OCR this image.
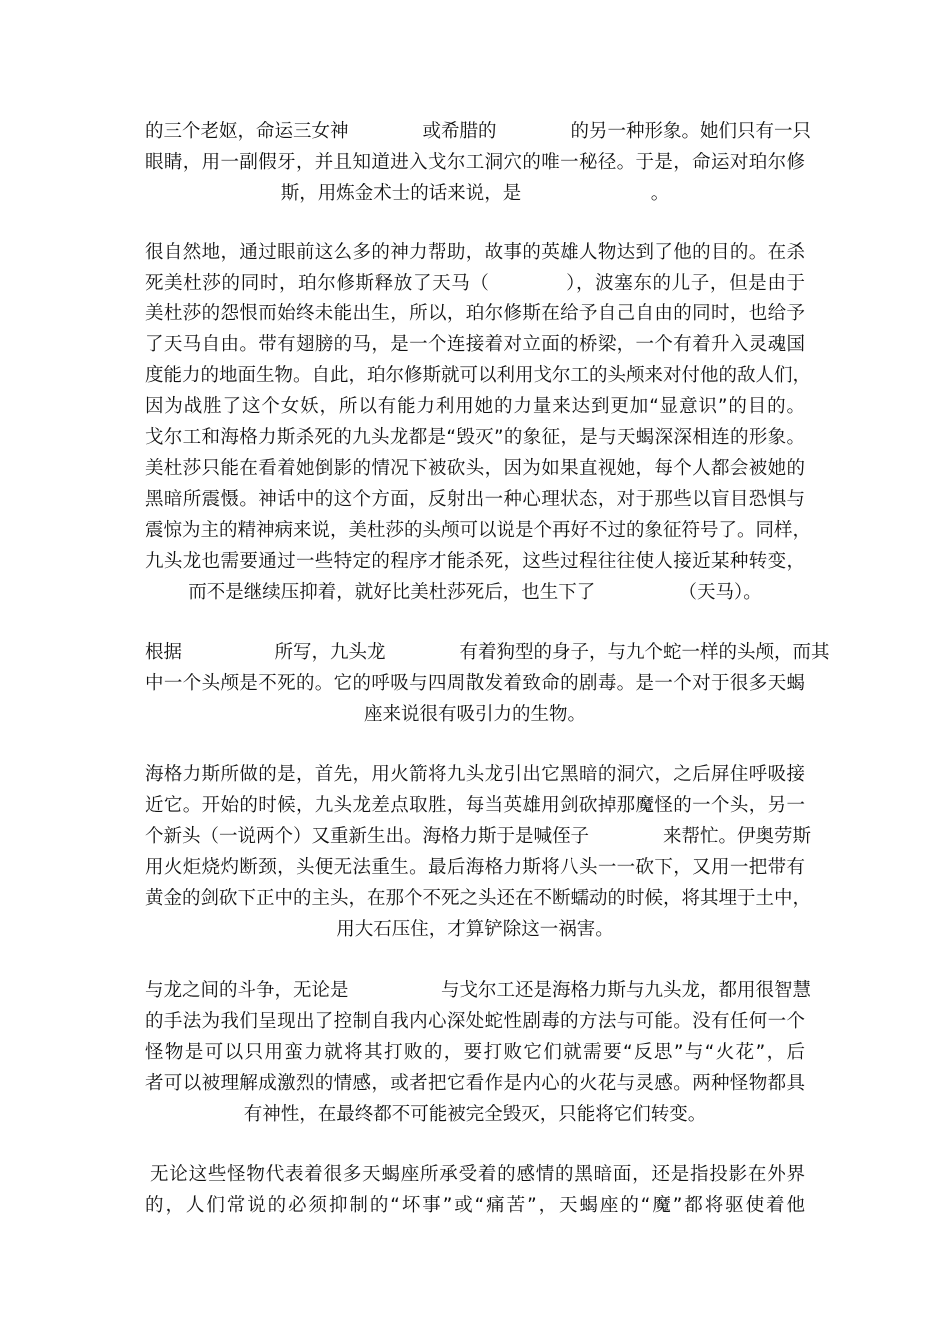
的三个老妪，命运三女神　　　　或希腊的　　　　的另一种形象。她们只有一只
眼睛，用一副假牙，并且知道进入戈尔工洞穴的唯一秘径。于是，命运对珀尔修
斯，用炼金术士的话来说，是　　　　　　　。
很自然地，通过眼前这么多的神力帮助，故事的英雄人物达到了他的目的。在杀
死美杜莎的同时，珀尔修斯释放了天马（　　　　），波塞东的儿子，但是由于
美杜莎的怨恨而始终未能出生，所以，珀尔修斯在给予自己自由的同时，也给予
了天马自由。带有翅膀的马，是一个连接着对立面的桥梁，一个有着升入灵魂国
度能力的地面生物。自此，珀尔修斯就可以利用戈尔工的头颅来对付他的敌人们，
因为战胜了这个女妖，所以有能力利用她的力量来达到更加“显意识”的目的。
戈尔工和海格力斯杀死的九头龙都是“毁灭”的象征，是与天蝎深深相连的形象。
美杜莎只能在看着她倒影的情况下被砍头，因为如果直视她，每个人都会被她的
黑暗所震慑。神话中的这个方面，反射出一种心理状态，对于那些以盲目恐惧与
震惊为主的精神病来说，美杜莎的头颅可以说是个再好不过的象征符号了。同样，
九头龙也需要通过一些特定的程序才能杀死，这些过程往往使人接近某种转变，
而不是继续压抑着，就好比美杜莎死后，也生下了　　　　　（天马）。
根据　　　　　所写，九头龙　　　　有着狗型的身子，与九个蛇一样的头颅，而其
中一个头颅是不死的。它的呼吸与四周散发着致命的剧毒。是一个对于很多天蝎
座来说很有吸引力的生物。
海格力斯所做的是，首先，用火箭将九头龙引出它黑暗的洞穴，之后屏住呼吸接
近它。开始的时候，九头龙差点取胜，每当英雄用剑砍掉那魔怪的一个头，另一
个新头（一说两个）又重新生出。海格力斯于是喊侄子　　　　来帮忙。伊奥劳斯
用火炬烧灼断颈，头便无法重生。最后海格力斯将八头一一砍下，又用一把带有
黄金的剑砍下正中的主头，在那个不死之头还在不断蠕动的时候，将其埋于土中，
用大石压住，才算铲除这一祸害。
与龙之间的斗争，无论是　　　　　与戈尔工还是海格力斯与九头龙，都用很智慧
的手法为我们呈现出了控制自我内心深处蛇性剧毒的方法与可能。没有任何一个
怪物是可以只用蛮力就将其打败的，要打败它们就需要“反思”与“火花”，后
者可以被理解成激烈的情感，或者把它看作是内心的火花与灵感。两种怪物都具
有神性，在最终都不可能被完全毁灭，只能将它们转变。
无论这些怪物代表着很多天蝎座所承受着的感情的黑暗面，还是指投影在外界
的，人们常说的必须抑制的“坏事”或“痛苦”，天蝎座的“魔”都将驱使着他
